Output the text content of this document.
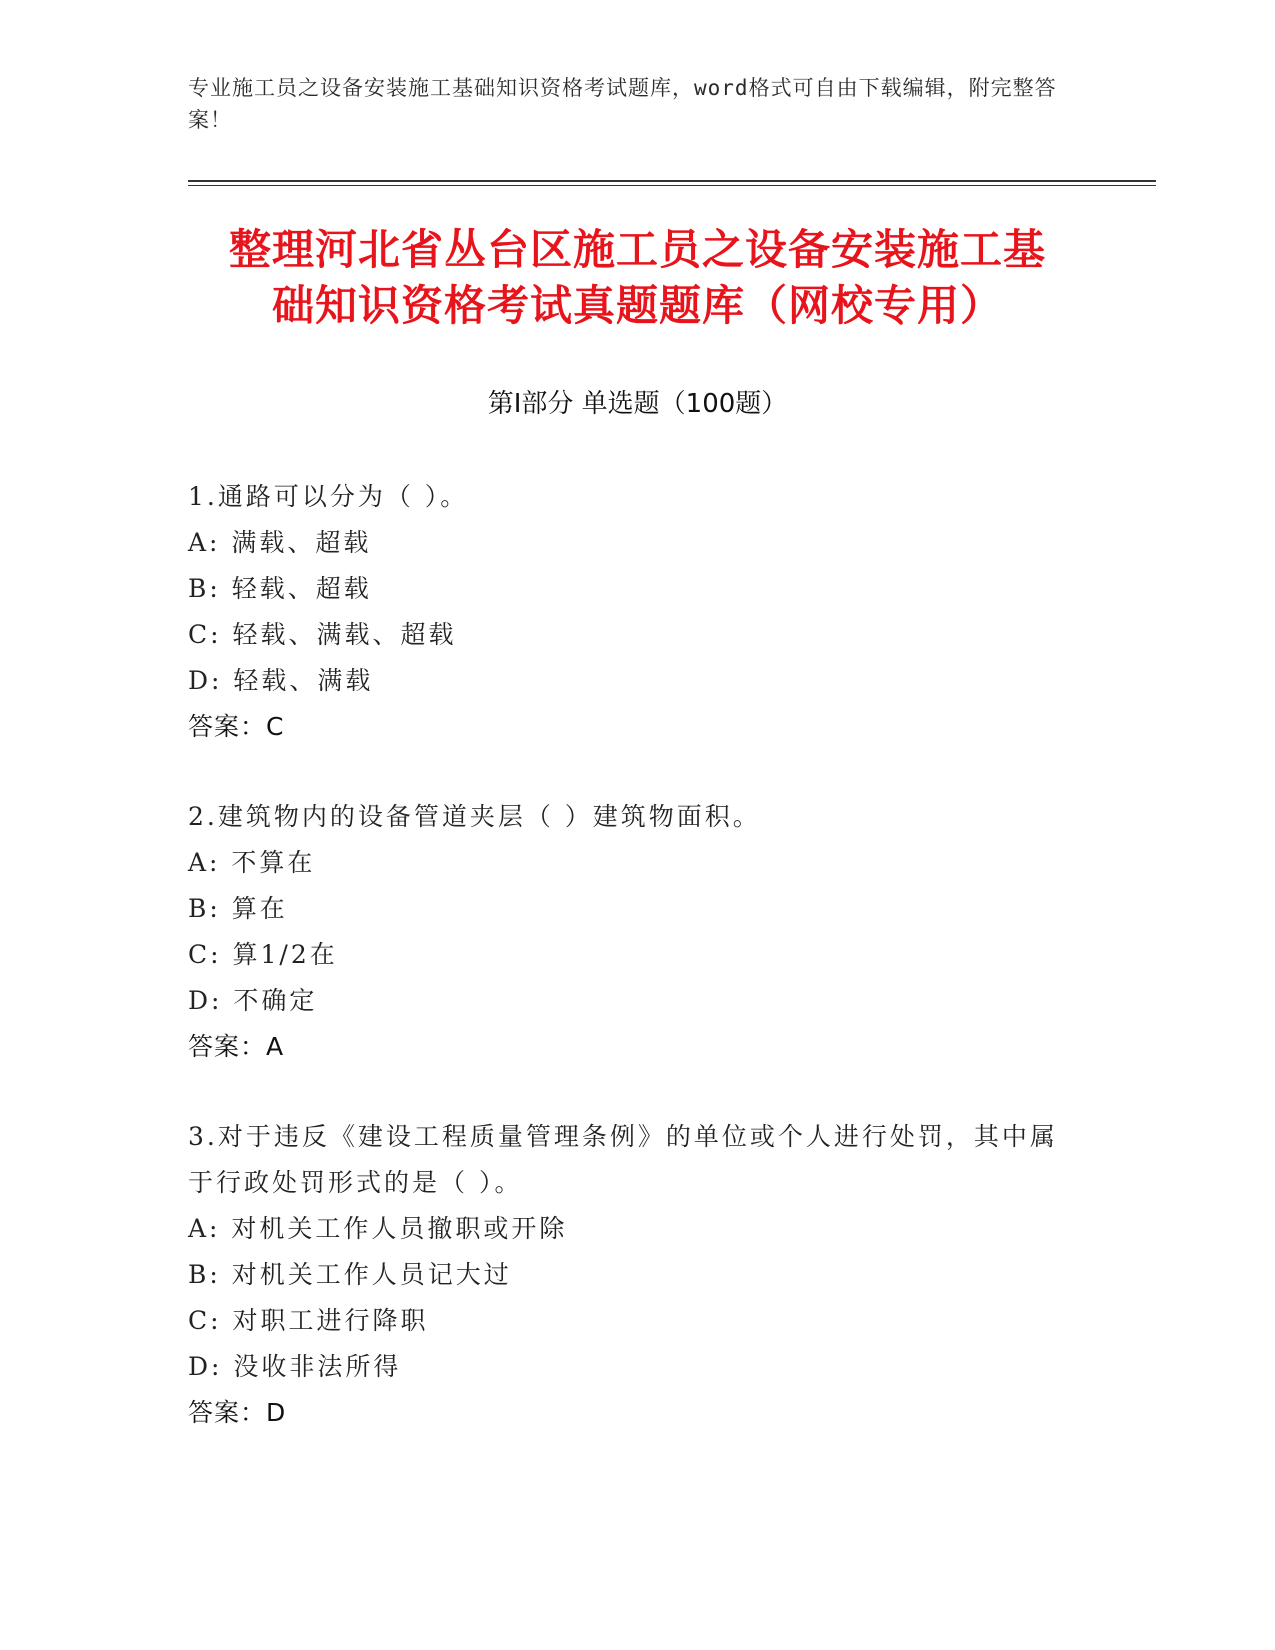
专业施工员之设备安装施工基础知识资格考试题库，word格式可自由下载编辑，附完整答案！
整理河北省丛台区施工员之设备安装施工基
础知识资格考试真题题库（网校专用）
第Ⅰ部分 单选题（100题）
1.通路可以分为（ ）。
A: 满载、超载
B: 轻载、超载
C: 轻载、满载、超载
D: 轻载、满载
答案：C
2.建筑物内的设备管道夹层（ ）建筑物面积。
A: 不算在
B: 算在
C: 算1/2在
D: 不确定
答案：A
3.对于违反《建设工程质量管理条例》的单位或个人进行处罚，其中属于行政处罚形式的是（ ）。
A: 对机关工作人员撤职或开除
B: 对机关工作人员记大过
C: 对职工进行降职
D: 没收非法所得
答案：D
